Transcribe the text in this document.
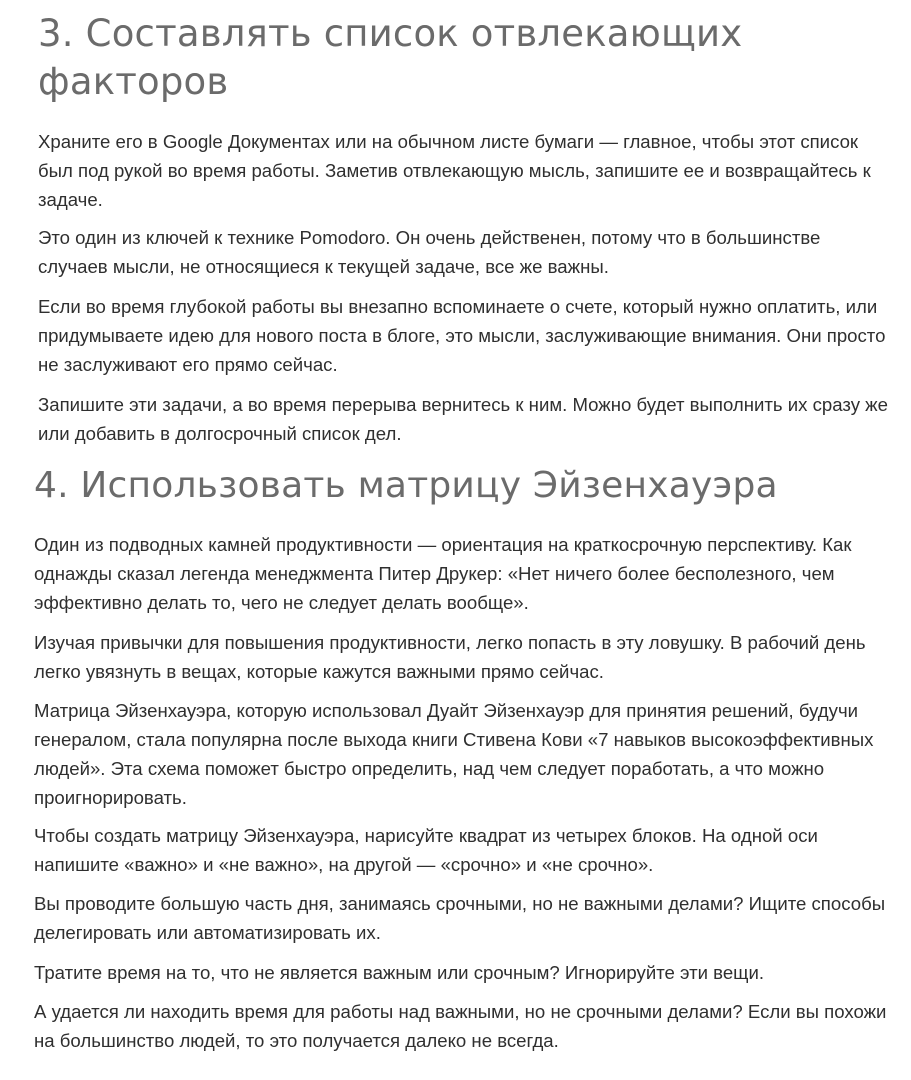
3. Составлять список отвлекающих факторов

Храните его в Google Документах или на обычном листе бумаги — главное, чтобы этот список был под рукой во время работы. Заметив отвлекающую мысль, запишите ее и возвращайтесь к задаче.

Это один из ключей к технике Pomodoro. Он очень действенен, потому что в большинстве случаев мысли, не относящиеся к текущей задаче, все же важны.

Если во время глубокой работы вы внезапно вспоминаете о счете, который нужно оплатить, или придумываете идею для нового поста в блоге, это мысли, заслуживающие внимания. Они просто не заслуживают его прямо сейчас.

Запишите эти задачи, а во время перерыва вернитесь к ним. Можно будет выполнить их сразу же или добавить в долгосрочный список дел.

4. Использовать матрицу Эйзенхауэра

Один из подводных камней продуктивности — ориентация на краткосрочную перспективу. Как однажды сказал легенда менеджмента Питер Друкер: «Нет ничего более бесполезного, чем эффективно делать то, чего не следует делать вообще».

Изучая привычки для повышения продуктивности, легко попасть в эту ловушку. В рабочий день легко увязнуть в вещах, которые кажутся важными прямо сейчас.

Матрица Эйзенхауэра, которую использовал Дуайт Эйзенхауэр для принятия решений, будучи генералом, стала популярна после выхода книги Стивена Кови «7 навыков высокоэффективных людей». Эта схема поможет быстро определить, над чем следует поработать, а что можно проигнорировать.

Чтобы создать матрицу Эйзенхауэра, нарисуйте квадрат из четырех блоков. На одной оси напишите «важно» и «не важно», на другой — «срочно» и «не срочно».

Вы проводите большую часть дня, занимаясь срочными, но не важными делами? Ищите способы делегировать или автоматизировать их.

Тратите время на то, что не является важным или срочным? Игнорируйте эти вещи.

А удается ли находить время для работы над важными, но не срочными делами? Если вы похожи на большинство людей, то это получается далеко не всегда.
